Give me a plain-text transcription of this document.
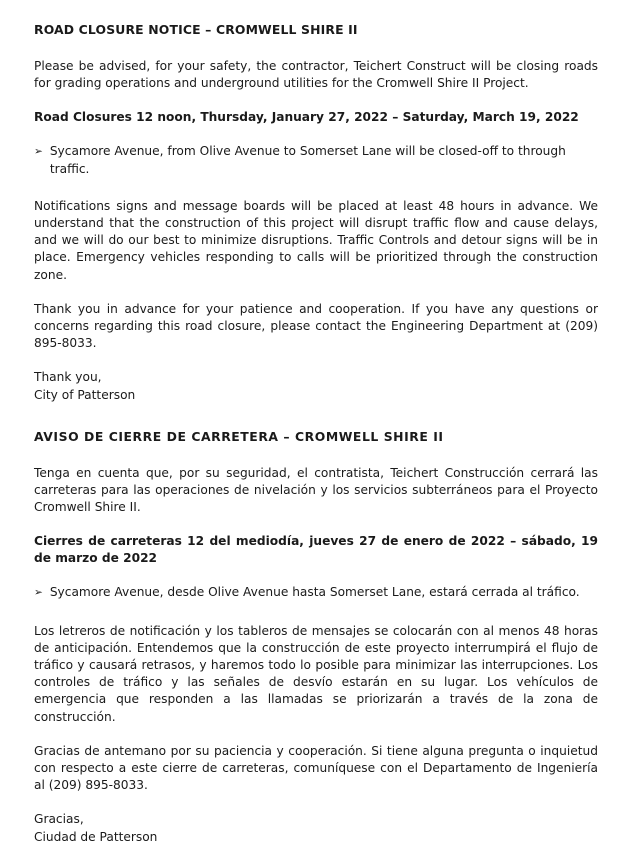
ROAD CLOSURE NOTICE – CROMWELL SHIRE II

Please be advised, for your safety, the contractor, Teichert Construct will be closing roads for grading operations and underground utilities for the Cromwell Shire II Project.

Road Closures 12 noon, Thursday, January 27, 2022 – Saturday, March 19, 2022

➢ Sycamore Avenue, from Olive Avenue to Somerset Lane will be closed-off to through traffic.

Notifications signs and message boards will be placed at least 48 hours in advance. We understand that the construction of this project will disrupt traffic flow and cause delays, and we will do our best to minimize disruptions. Traffic Controls and detour signs will be in place. Emergency vehicles responding to calls will be prioritized through the construction zone.

Thank you in advance for your patience and cooperation. If you have any questions or concerns regarding this road closure, please contact the Engineering Department at (209) 895-8033.

Thank you,

City of Patterson

AVISO DE CIERRE DE CARRETERA – CROMWELL SHIRE II

Tenga en cuenta que, por su seguridad, el contratista, Teichert Construcción cerrará las carreteras para las operaciones de nivelación y los servicios subterráneos para el Proyecto Cromwell Shire II.

Cierres de carreteras 12 del mediodía, jueves 27 de enero de 2022 – sábado, 19 de marzo de 2022

➢ Sycamore Avenue, desde Olive Avenue hasta Somerset Lane, estará cerrada al tráfico.

Los letreros de notificación y los tableros de mensajes se colocarán con al menos 48 horas de anticipación. Entendemos que la construcción de este proyecto interrumpirá el flujo de tráfico y causará retrasos, y haremos todo lo posible para minimizar las interrupciones. Los controles de tráfico y las señales de desvío estarán en su lugar. Los vehículos de emergencia que responden a las llamadas se priorizarán a través de la zona de construcción.

Gracias de antemano por su paciencia y cooperación. Si tiene alguna pregunta o inquietud con respecto a este cierre de carreteras, comuníquese con el Departamento de Ingeniería al (209) 895-8033.

Gracias,

Ciudad de Patterson
